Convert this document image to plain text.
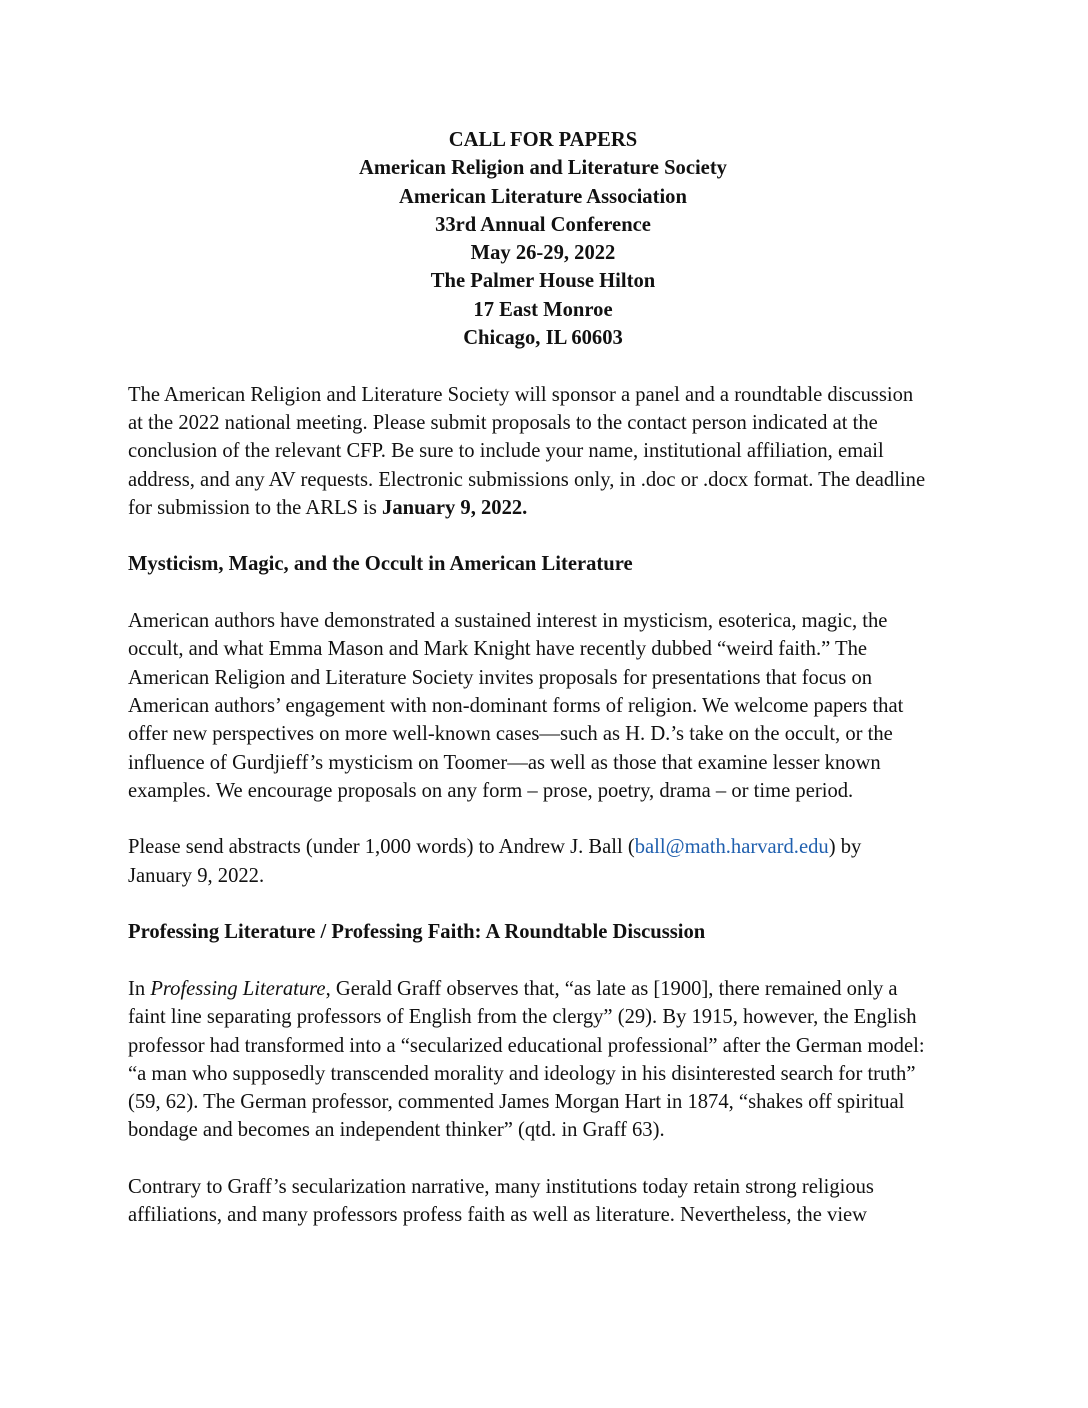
CALL FOR PAPERS
American Religion and Literature Society
American Literature Association
33rd Annual Conference
May 26-29, 2022
The Palmer House Hilton
17 East Monroe
Chicago, IL 60603

The American Religion and Literature Society will sponsor a panel and a roundtable discussion
at the 2022 national meeting. Please submit proposals to the contact person indicated at the
conclusion of the relevant CFP. Be sure to include your name, institutional affiliation, email
address, and any AV requests. Electronic submissions only, in .doc or .docx format. The deadline
for submission to the ARLS is January 9, 2022.

Mysticism, Magic, and the Occult in American Literature

American authors have demonstrated a sustained interest in mysticism, esoterica, magic, the
occult, and what Emma Mason and Mark Knight have recently dubbed “weird faith.” The
American Religion and Literature Society invites proposals for presentations that focus on
American authors’ engagement with non-dominant forms of religion. We welcome papers that
offer new perspectives on more well-known cases—such as H. D.’s take on the occult, or the
influence of Gurdjieff’s mysticism on Toomer—as well as those that examine lesser known
examples. We encourage proposals on any form – prose, poetry, drama – or time period.

Please send abstracts (under 1,000 words) to Andrew J. Ball (ball@math.harvard.edu) by
January 9, 2022.

Professing Literature / Professing Faith: A Roundtable Discussion

In Professing Literature, Gerald Graff observes that, “as late as [1900], there remained only a
faint line separating professors of English from the clergy” (29). By 1915, however, the English
professor had transformed into a “secularized educational professional” after the German model:
“a man who supposedly transcended morality and ideology in his disinterested search for truth”
(59, 62). The German professor, commented James Morgan Hart in 1874, “shakes off spiritual
bondage and becomes an independent thinker” (qtd. in Graff 63).

Contrary to Graff’s secularization narrative, many institutions today retain strong religious
affiliations, and many professors profess faith as well as literature. Nevertheless, the view
